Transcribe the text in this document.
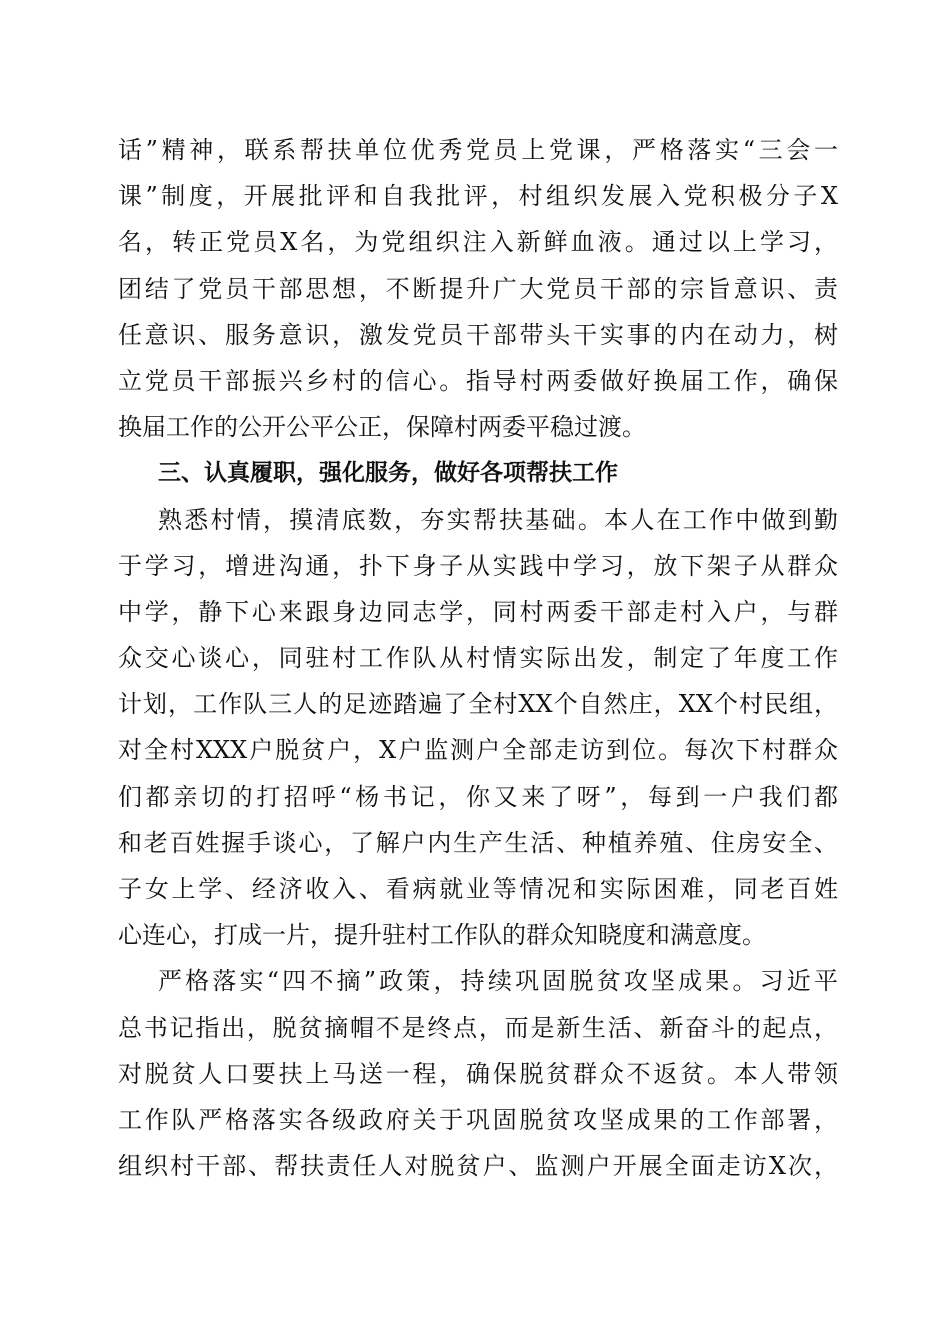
话”精神，联系帮扶单位优秀党员上党课，严格落实“三会一
课”制度，开展批评和自我批评，村组织发展入党积极分子X
名，转正党员X名，为党组织注入新鲜血液。通过以上学习，
团结了党员干部思想，不断提升广大党员干部的宗旨意识、责
任意识、服务意识，激发党员干部带头干实事的内在动力，树
立党员干部振兴乡村的信心。指导村两委做好换届工作，确保
换届工作的公开公平公正，保障村两委平稳过渡。
三、认真履职，强化服务，做好各项帮扶工作
熟悉村情，摸清底数，夯实帮扶基础。本人在工作中做到勤
于学习，增进沟通，扑下身子从实践中学习，放下架子从群众
中学，静下心来跟身边同志学，同村两委干部走村入户，与群
众交心谈心，同驻村工作队从村情实际出发，制定了年度工作
计划，工作队三人的足迹踏遍了全村XX个自然庄，XX个村民组，
对全村XXX户脱贫户，X户监测户全部走访到位。每次下村群众
们都亲切的打招呼“杨书记，你又来了呀”，每到一户我们都
和老百姓握手谈心，了解户内生产生活、种植养殖、住房安全、
子女上学、经济收入、看病就业等情况和实际困难，同老百姓
心连心，打成一片，提升驻村工作队的群众知晓度和满意度。
严格落实“四不摘”政策，持续巩固脱贫攻坚成果。习近平
总书记指出，脱贫摘帽不是终点，而是新生活、新奋斗的起点，
对脱贫人口要扶上马送一程，确保脱贫群众不返贫。本人带领
工作队严格落实各级政府关于巩固脱贫攻坚成果的工作部署，
组织村干部、帮扶责任人对脱贫户、监测户开展全面走访X次，
